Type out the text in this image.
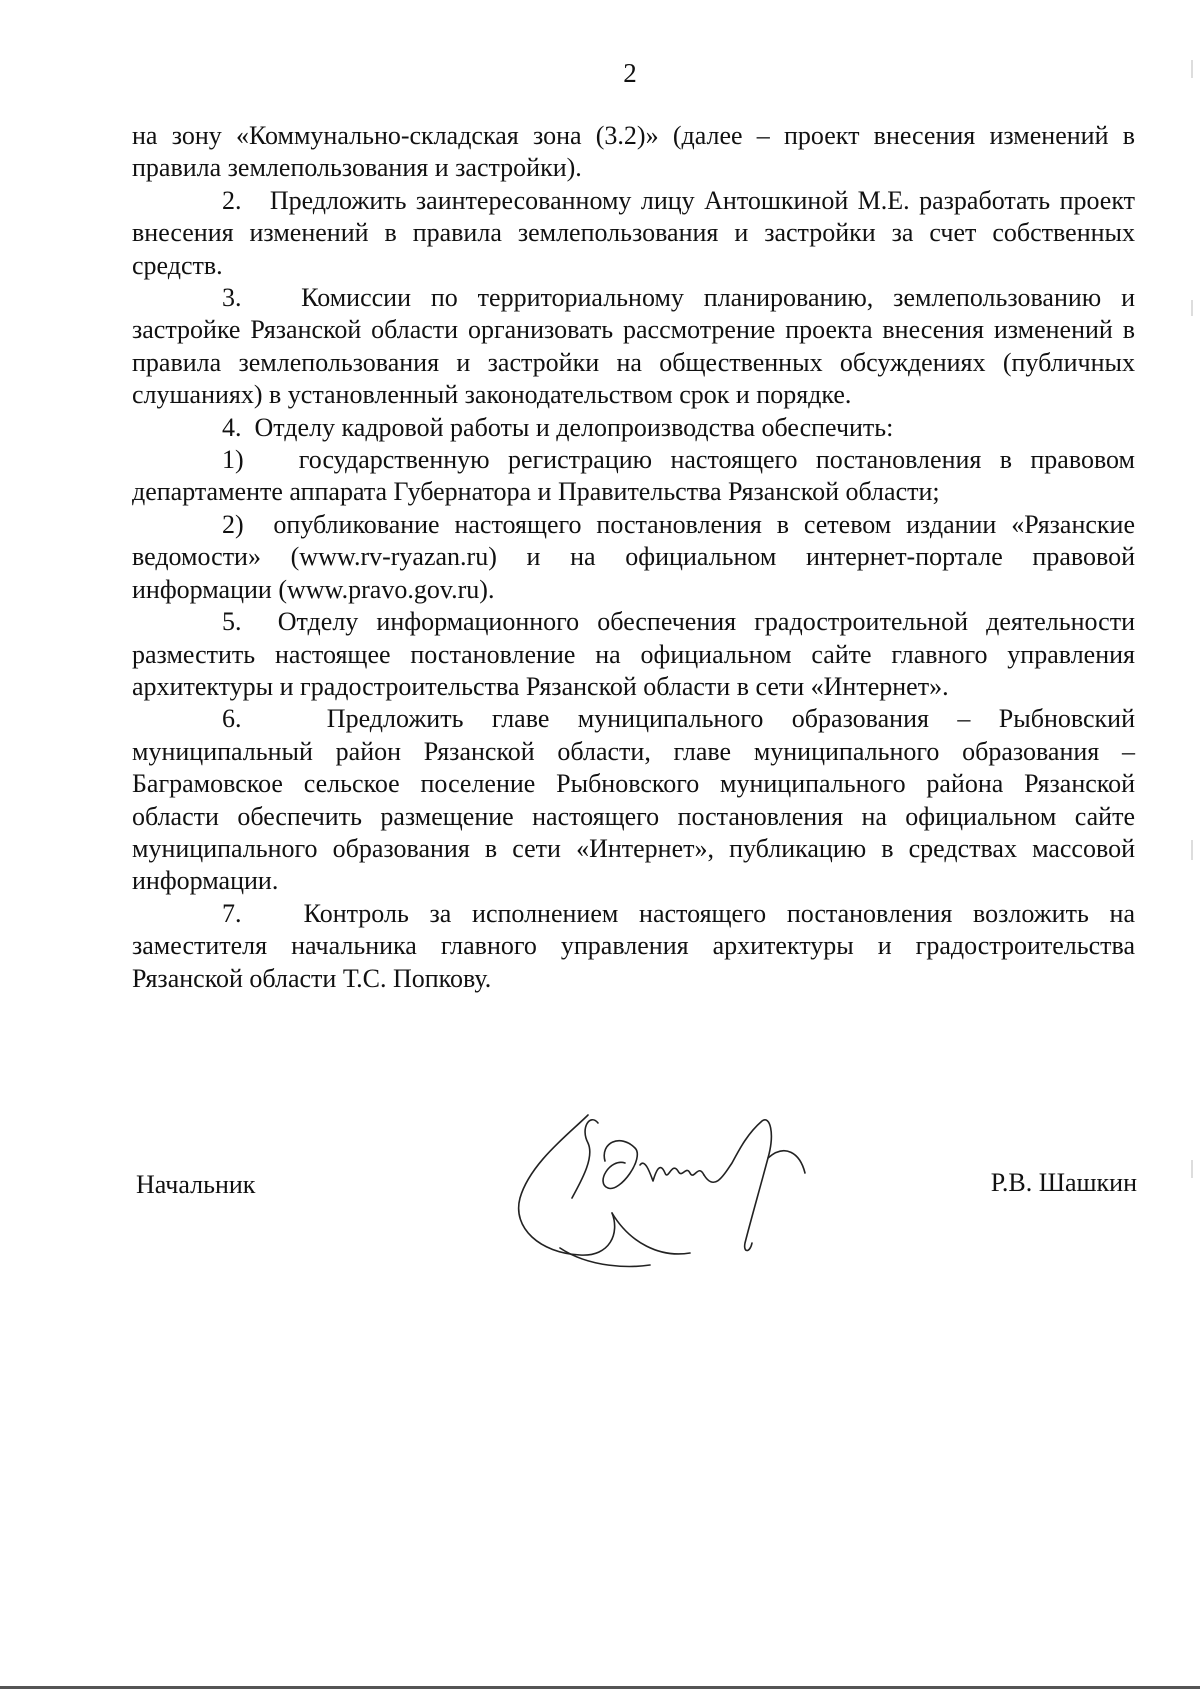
2

на зону «Коммунально-складская зона (3.2)» (далее – проект внесения изменений в правила землепользования и застройки).

2.   Предложить заинтересованному лицу Антошкиной М.Е. разработать проект внесения изменений в правила землепользования и застройки за счет собственных средств.

3.   Комиссии по территориальному планированию, землепользованию и застройке Рязанской области организовать рассмотрение проекта внесения изменений в правила землепользования и застройки на общественных обсуждениях (публичных слушаниях) в установленный законодательством срок и порядке.

4.  Отделу кадровой работы и делопроизводства обеспечить:

1)   государственную регистрацию настоящего постановления в правовом департаменте аппарата Губернатора и Правительства Рязанской области;

2)  опубликование настоящего постановления в сетевом издании «Рязанские ведомости» (www.rv-ryazan.ru) и на официальном интернет-портале правовой информации (www.pravo.gov.ru).

5.  Отделу информационного обеспечения градостроительной деятельности разместить настоящее постановление на официальном сайте главного управления архитектуры и градостроительства Рязанской области в сети «Интернет».

6.   Предложить главе муниципального образования – Рыбновский муниципальный район Рязанской области, главе муниципального образования – Баграмовское сельское поселение Рыбновского муниципального района Рязанской области обеспечить размещение настоящего постановления на официальном сайте муниципального образования в сети «Интернет», публикацию в средствах массовой информации.

7.   Контроль за исполнением настоящего постановления возложить на заместителя начальника главного управления архитектуры и градостроительства Рязанской области Т.С. Попкову.

Начальник	Р.В. Шашкин
